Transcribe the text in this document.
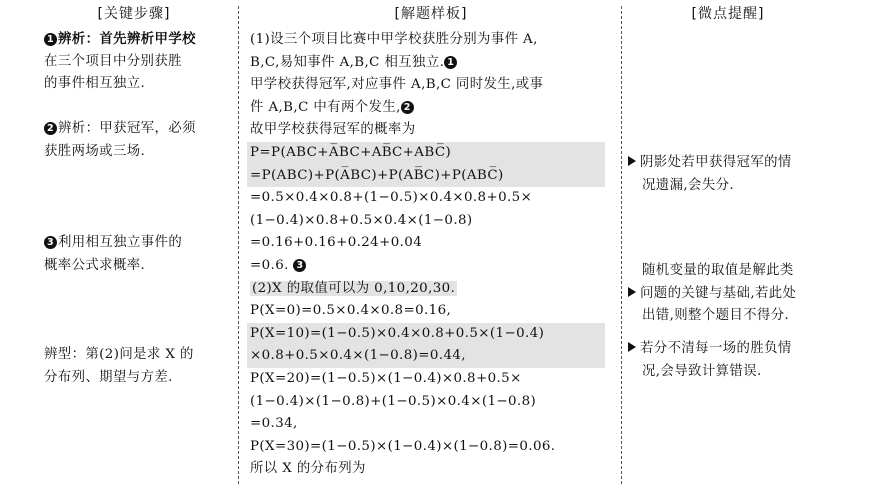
[关键步骤]
1 辨析：首先辨析甲学校
在三个项目中分别获胜
的事件相互独立.
2 辨析：甲获冠军，必须
获胜两场或三场.
3 利用相互独立事件的
概率公式求概率.
辨型：第(2)问是求 X 的
分布列、期望与方差.
[解题样板]
(1)设三个项目比赛中甲学校获胜分别为事件 A,
B,C,易知事件 A,B,C 相互独立. 1
甲学校获得冠军,对应事件 A,B,C 同时发生,或事
件 A,B,C 中有两个发生, 2
故甲学校获得冠军的概率为
P=P(ABC+A̅BC+AB̅C+ABC̅)
=P(ABC)+P(A̅BC)+P(AB̅C)+P(ABC̅)
=0.5×0.4×0.8+(1−0.5)×0.4×0.8+0.5×
(1−0.4)×0.8+0.5×0.4×(1−0.8)
=0.16+0.16+0.24+0.04
=0.6. 3
(2)X 的取值可以为 0,10,20,30.
P(X=0)=0.5×0.4×0.8=0.16,
P(X=10)=(1−0.5)×0.4×0.8+0.5×(1−0.4)
×0.8+0.5×0.4×(1−0.8)=0.44,
P(X=20)=(1−0.5)×(1−0.4)×0.8+0.5×
(1−0.4)×(1−0.8)+(1−0.5)×0.4×(1−0.8)
=0.34,
P(X=30)=(1−0.5)×(1−0.4)×(1−0.8)=0.06.
所以 X 的分布列为
[微点提醒]
阴影处若甲获得冠军的情
况遗漏,会失分.
随机变量的取值是解此类
问题的关键与基础,若此处
出错,则整个题目不得分.
若分不清每一场的胜负情
况,会导致计算错误.
